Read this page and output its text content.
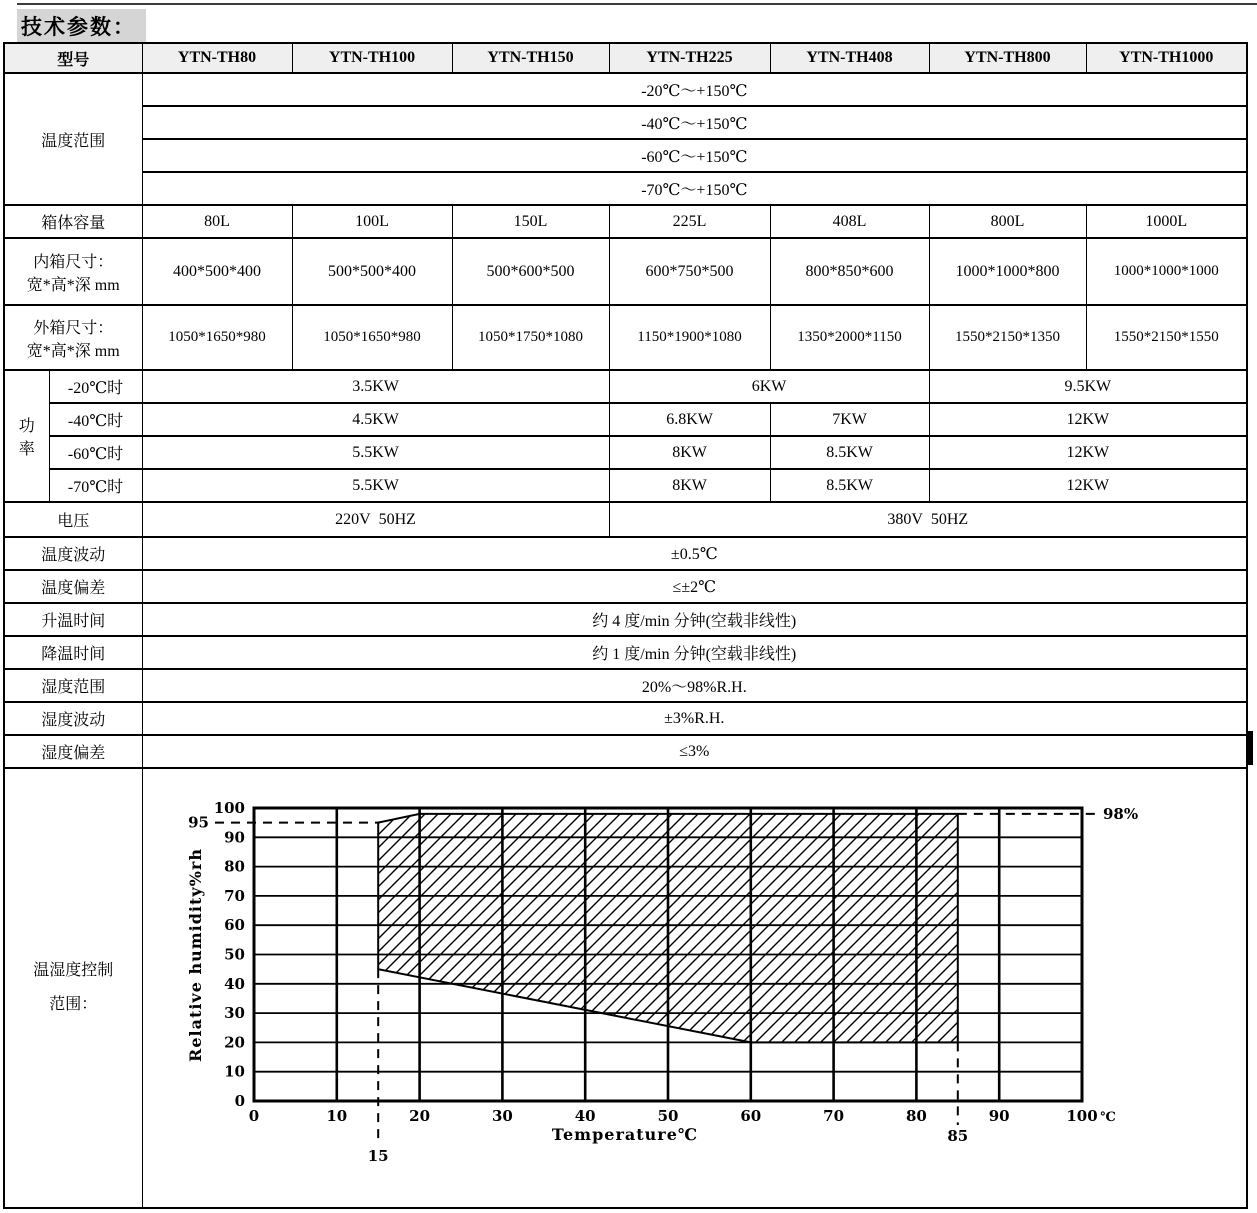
技术参数：
型号		YTN-TH80	YTN-TH100	YTN-TH150	YTN-TH225	YTN-TH408	YTN-TH800	YTN-TH1000
温度范围		-20℃～+150℃						
		-40℃～+150℃						
		-60℃～+150℃						
		-70℃～+150℃						
箱体容量		80L	100L	150L	225L	408L	800L	1000L

内箱尺寸：
宽*高*深 mm		400*500*400	500*500*400	500*600*500	600*750*500	800*850*600	1000*1000*800	1000*1000*1000

外箱尺寸：
宽*高*深 mm		1050*1650*980	1050*1650*980	1050*1750*1080	1150*1900*1080	1350*2000*1150	1550*2150*1350	1550*2150*1550

功
率	-20℃时	3.5KW			6KW		9.5KW	
	-40℃时	4.5KW			6.8KW	7KW	12KW	
	-60℃时	5.5KW			8KW	8.5KW	12KW	
	-70℃时	5.5KW			8KW	8.5KW	12KW	
电压		220V  50HZ			380V  50HZ			
温度波动		±0.5℃						
温度偏差		≤±2℃						
升温时间		约 4 度/min 分钟(空载非线性)						
降温时间		约 1 度/min 分钟(空载非线性)						
湿度范围		20%～98%R.H.						
湿度波动		±3%R.H.						
湿度偏差		≤3%						

温湿度控制
范围：

0	10	20	30	40	50	60	70	80	90	100 ℃
0
10
20
30
40
50
60
70
80
90
100
95	98%
15
85
Temperature℃
Relative humidity%rh
